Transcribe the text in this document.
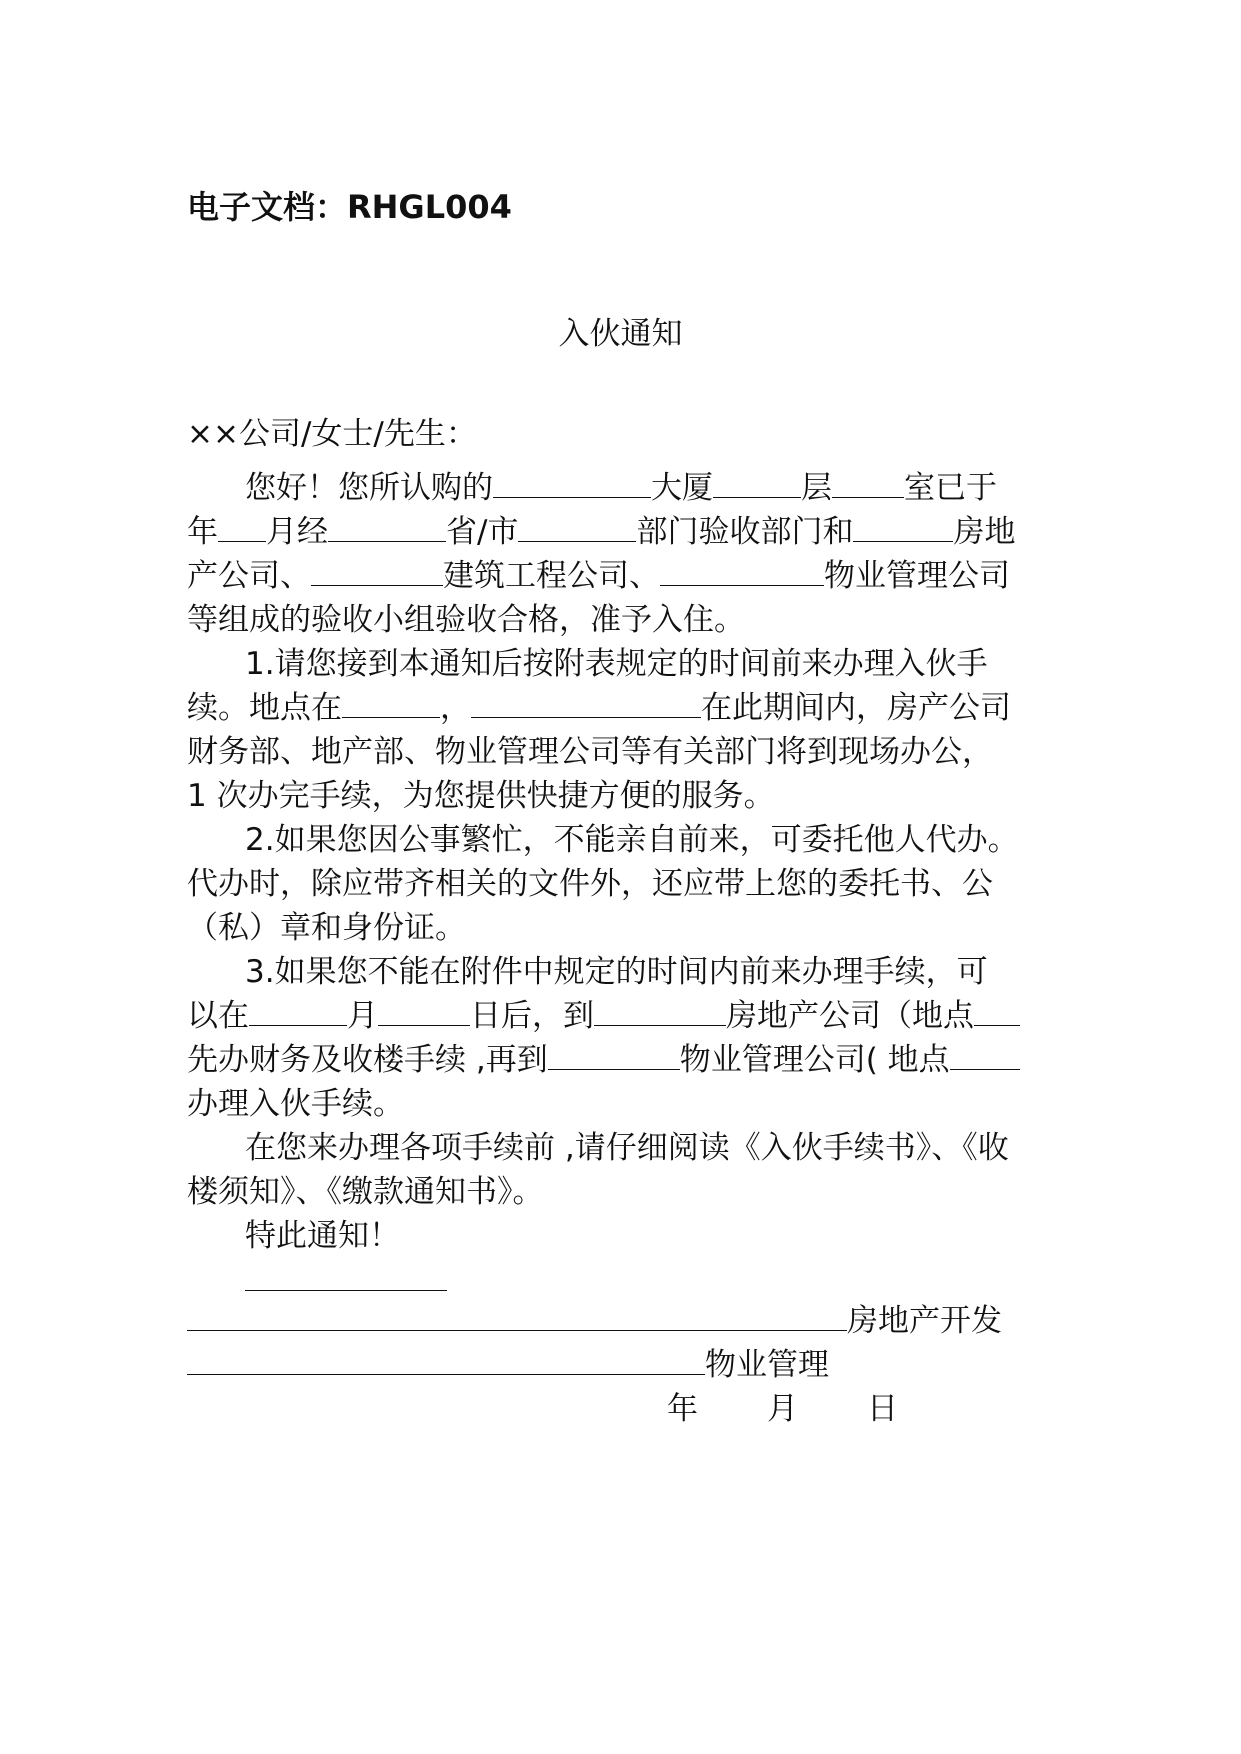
电子文档：RHGL004
入伙通知
××公司/女士/先生：
您好！您所认购的	大厦	层 室已于
年 月经	省/市	部门验收部门和	房地
产公司、	建筑工程公司、	物业管理公司
等组成的验收小组验收合格，准予入住。
1.请您接到本通知后按附表规定的时间前来办理入伙手
续。地点在	，	在此期间内，房产公司
财务部、地产部、物业管理公司等有关部门将到现场办公，
1 次办完手续，为您提供快捷方便的服务。
2.如果您因公事繁忙，不能亲自前来，可委托他人代办。
代办时，除应带齐相关的文件外，还应带上您的委托书、公
（私）章和身份证。
3.如果您不能在附件中规定的时间内前来办理手续，可
以在	月	日后，到	房地产公司（地点
先办财务及收楼手续 ,再到	物业管理公司( 地点
办理入伙手续。
在您来办理各项手续前 ,请仔细阅读《入伙手续书》、《收
楼须知》、《缴款通知书》。
特此通知！
房地产开发
物业管理
年 月 日
